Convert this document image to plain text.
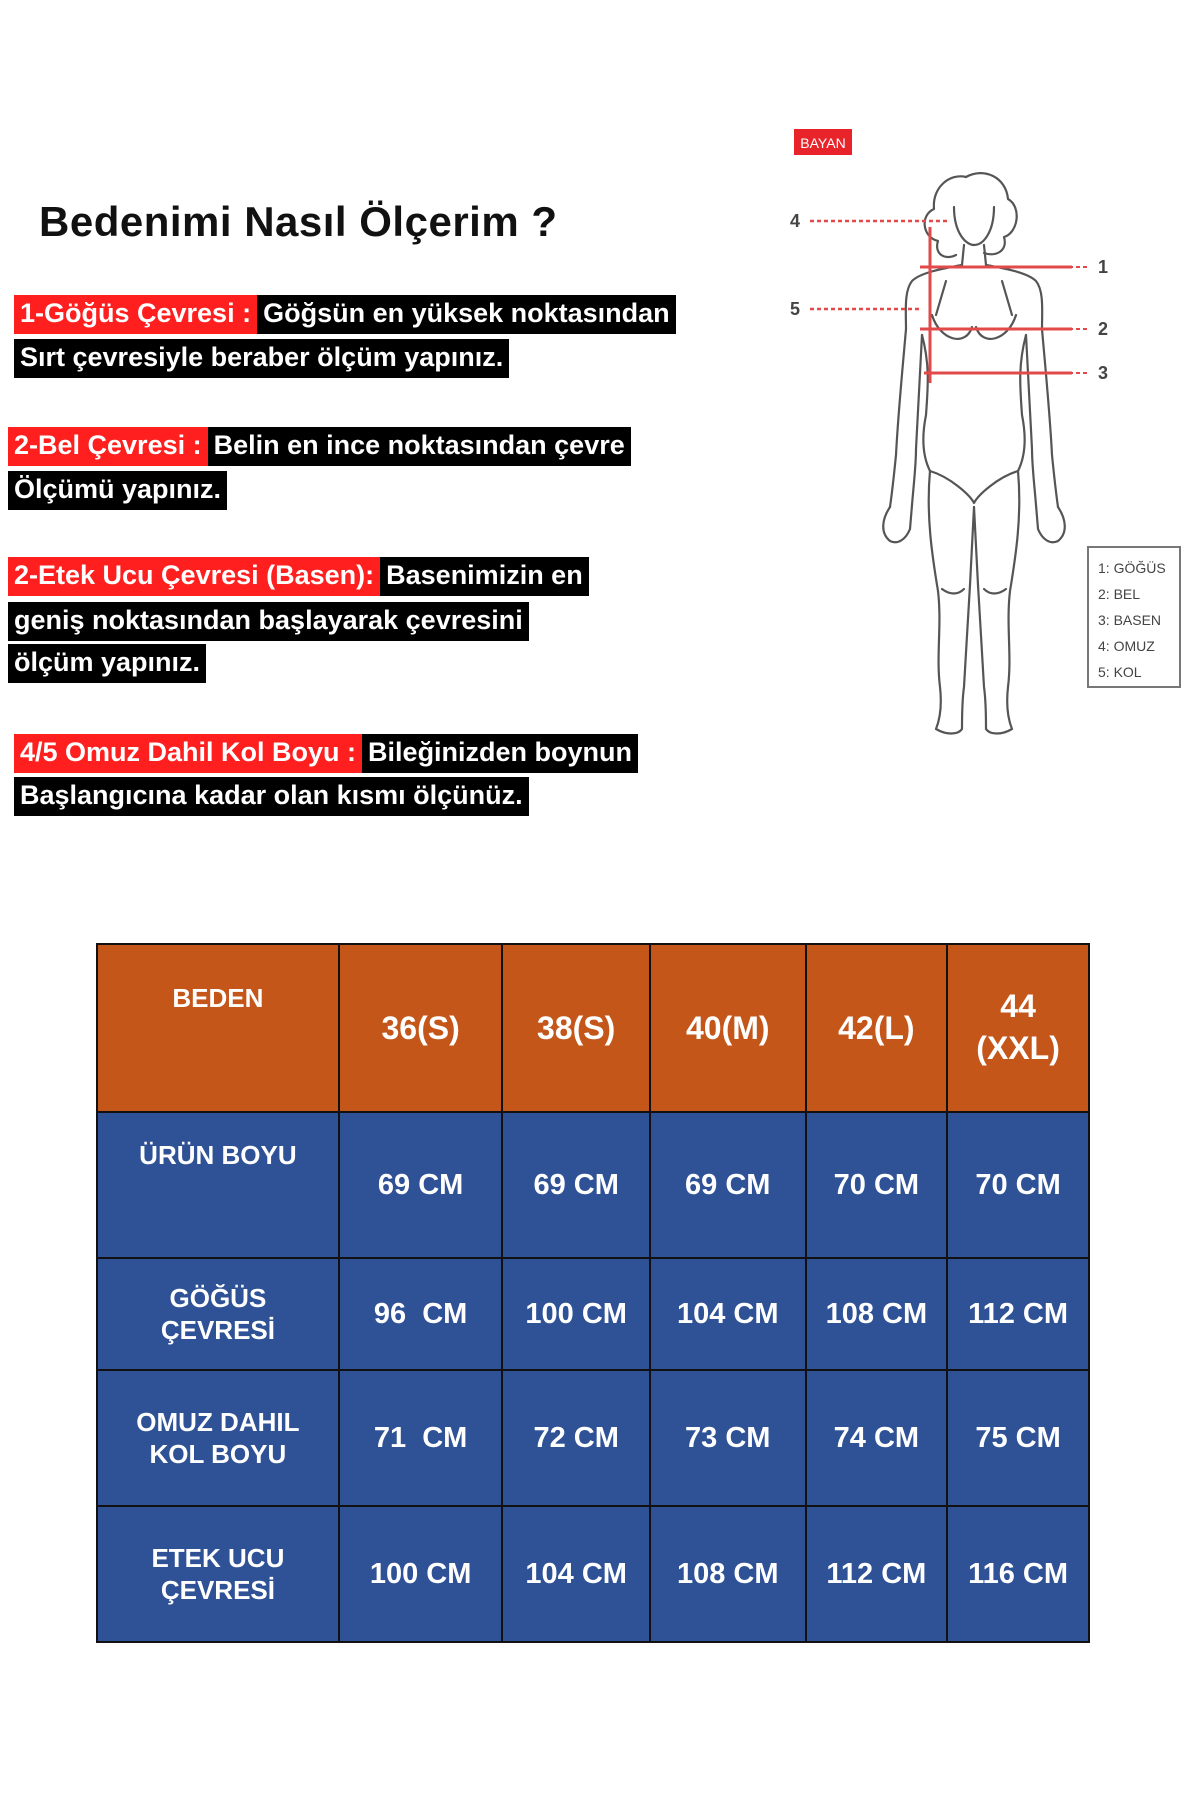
Bedenimi Nasıl Ölçerim ?
1-Göğüs Çevresi :Göğsün en yüksek noktasından
Sırt çevresiyle beraber ölçüm yapınız.
2-Bel Çevresi :Belin en ince noktasından çevre
Ölçümü yapınız.
2-Etek Ucu Çevresi (Basen):Basenimizin en
geniş noktasından başlayarak çevresini
ölçüm yapınız.
4/5 Omuz Dahil Kol Boyu :Bileğinizden boynun
Başlangıcına kadar olan kısmı ölçünüz.
BAYAN
1
2
3
4
5
1: GÖĞÜS
2: BEL
3: BASEN
4: OMUZ
5: KOL
BEDEN	36(S)	38(S)	40(M)	42(L)	44 (XXL)
ÜRÜN BOYU	69 CM	69 CM	69 CM	70 CM	70 CM
GÖĞÜS ÇEVRESİ	96  CM	100 CM	104 CM	108 CM	112 CM
OMUZ DAHIL KOL BOYU	71  CM	72 CM	73 CM	74 CM	75 CM
ETEK UCU ÇEVRESİ	100 CM	104 CM	108 CM	112 CM	116 CM
